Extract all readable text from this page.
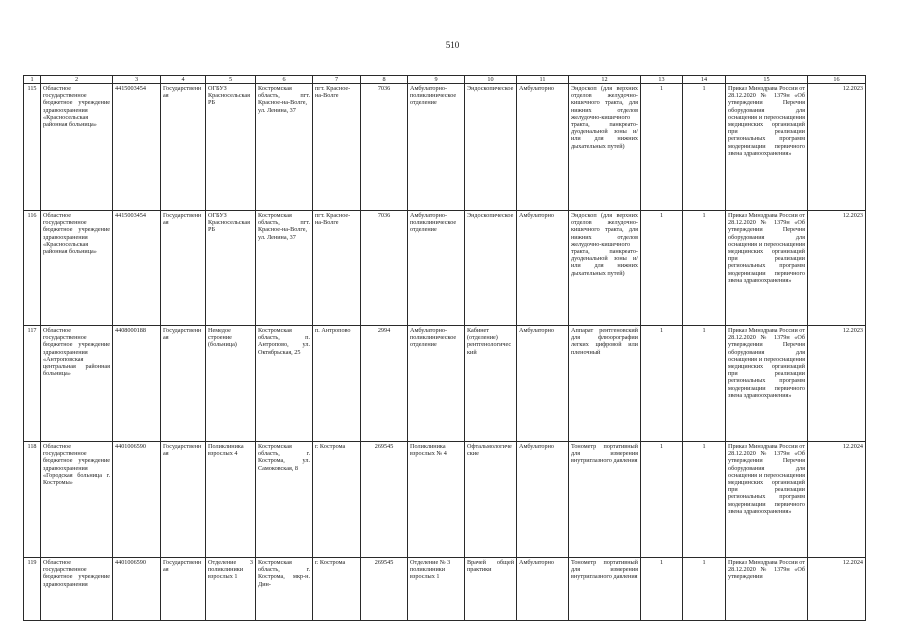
510
1	2	3	4	5	6	7	8	9	10	11	12	13	14	15	16
115	Областное государственное бюджетное учреждение здравоохранения «Красносельская районная больница»	4415003454	Государственная	ОГБУЗ Красносельская РБ	Костромская область, пгт. Красное-на-Волге, ул. Ленина, 37	пгт. Красное-на-Волге	7036	Амбулаторно-поликлиническое отделение	Эндоскопическое	Амбулаторно	Эндоскоп (для верхних отделов желудочно-кишечного тракта, для нижних отделов желудочно-кишечного тракта, панкреато-дуоденальной зоны и/или для нижних дыхательных путей)	1	1	Приказ Минздрава России от 28.12.2020 № 1379н «Об утверждении Перечня оборудования для оснащения и переоснащения медицинских организаций при реализации региональных программ модернизации первичного звена здравоохранения»	12.2023
116	Областное государственное бюджетное учреждение здравоохранения «Красносельская районная больница»	4415003454	Государственная	ОГБУЗ Красносельская РБ	Костромская область, пгт. Красное-на-Волге, ул. Ленина, 37	пгт. Красное-на-Волге	7036	Амбулаторно-поликлиническое отделение	Эндоскопическое	Амбулаторно	Эндоскоп (для верхних отделов желудочно-кишечного тракта, для нижних отделов желудочно-кишечного тракта, панкреато-дуоденальной зоны и/или для нижних дыхательных путей)	1	1	Приказ Минздрава России от 28.12.2020 № 1379н «Об утверждении Перечня оборудования для оснащения и переоснащения медицинских организаций при реализации региональных программ модернизации первичного звена здравоохранения»	12.2023
117	Областное государственное бюджетное учреждение здравоохранения «Антроповская центральная районная больница»	4408000188	Государственная	Немедое строение (больница)	Костромская область, п. Антропово, ул. Октябрьская, 25	п. Антропово	2994	Амбулаторно-поликлиническое отделение	Кабинет (отделение) рентгенологический	Амбулаторно	Аппарат рентгеновский для флюорографии легких цифровой или пленочный	1	1	Приказ Минздрава России от 28.12.2020 № 1379н «Об утверждении Перечня оборудования для оснащения и переоснащения медицинских организаций при реализации региональных программ модернизации первичного звена здравоохранения»	12.2023
118	Областное государственное бюджетное учреждение здравоохранения «Городская больница г. Костромы»	4401006590	Государственная	Поликлиника взрослых 4	Костромская область, г. Кострома, ул. Самоковская, 8	г. Кострома	269545	Поликлиника взрослых № 4	Офтальмологические	Амбулаторно	Тонометр портативный для измерения внутриглазного давления	1	1	Приказ Минздрава России от 28.12.2020 № 1379н «Об утверждении Перечня оборудования для оснащения и переоснащения медицинских организаций при реализации региональных программ модернизации первичного звена здравоохранения»	12.2024
119	Областное государственное бюджетное учреждение здравоохранения	4401006590	Государственная	Отделение 3 поликлиники взрослых 1	Костромская область, г. Кострома, мкр-н. Дин-	г. Кострома	269545	Отделение № 3 поликлиники взрослых 1	Врачей общей практики	Амбулаторно	Тонометр портативный для измерения внутриглазного давления	1	1	Приказ Минздрава России от 28.12.2020 № 1379н «Об утверждении	12.2024
